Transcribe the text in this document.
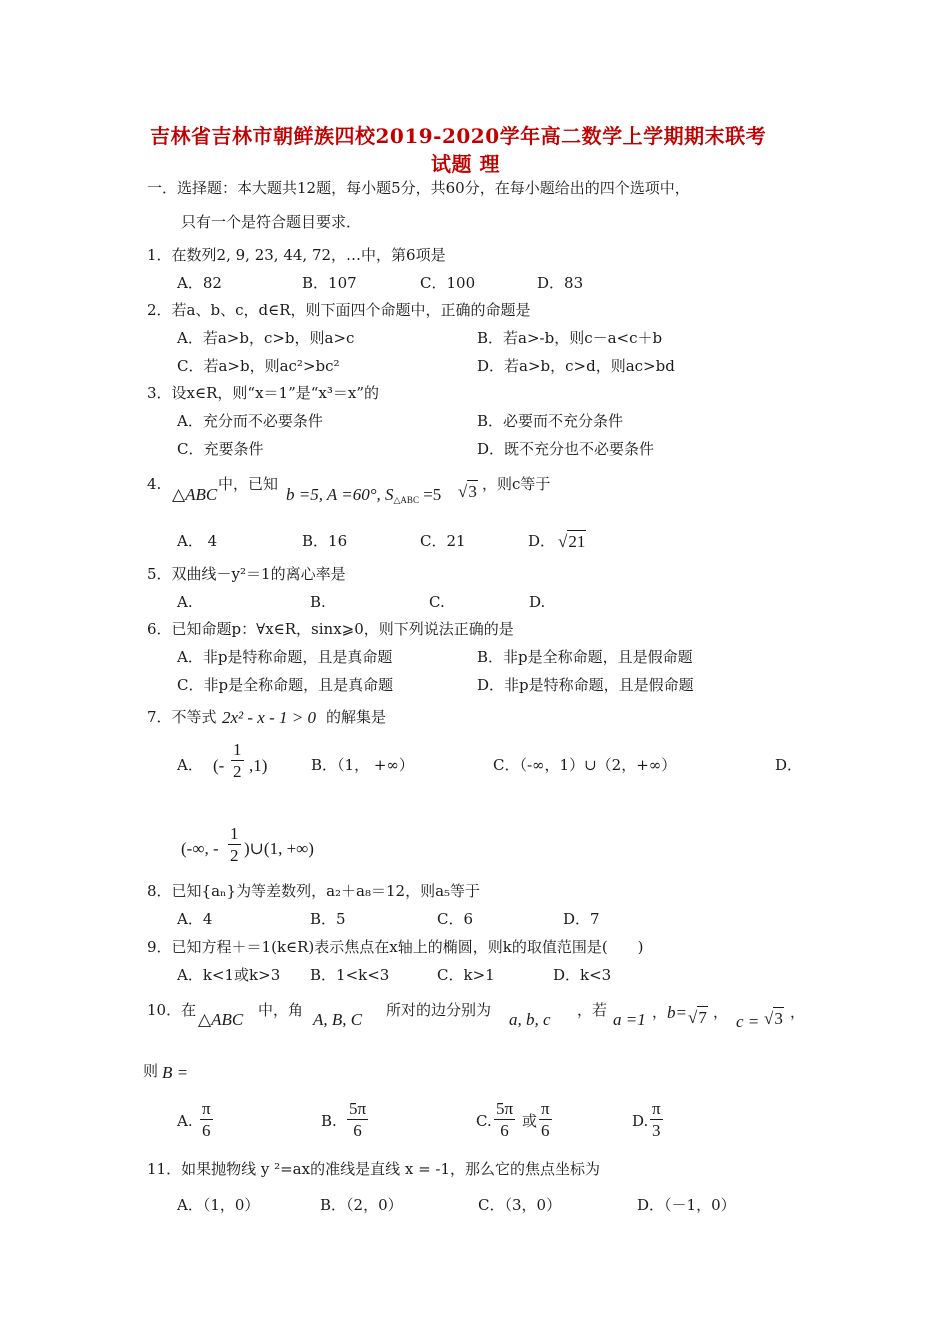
吉林省吉林市朝鲜族四校2019-2020学年高二数学上学期期末联考
试题 理
一．选择题：本大题共12题，每小题5分，共60分，在每小题给出的四个选项中，
只有一个是符合题目要求．
1．在数列2, 9, 23, 44, 72，…中，第6项是
A．82	B．107	C．100	D．83
2．若a、b、c，d∈R，则下面四个命题中，正确的命题是
A．若a>b，c>b，则a>c	B．若a>-b，则c－a<c＋b
C．若a>b，则ac²>bc²	D．若a>b，c>d，则ac>bd
3．设x∈R，则“x＝1”是“x³＝x”的
A．充分而不必要条件	B．必要而不充分条件
C．充要条件	D．既不充分也不必要条件
4.
△ABC
中，已知
b =5, A =60°, $S_{\triangle ABC} =5$ √3 ，则c等于
A． 4	B．16	C．21	D． √21
5．双曲线－y²＝1的离心率是
A.	B.	C.	D.
6．已知命题p：∀x∈R，sinx⩾0，则下列说法正确的是
A．非p是特称命题，且是真命题	B．非p是全称命题，且是假命题
C．非p是全称命题，且是真命题	D．非p是特称命题，且是假命题
7．不等式 2x² - x - 1 > 0 的解集是
A． (-
1
2 ,1)	B．（1， +∞）	C．（-∞，1）∪（2，+∞）	D．
(-∞, -
1
2 )∪(1, +∞)
8．已知{aₙ}为等差数列，a₂＋a₈＝12，则a₅等于
A．4	B．5	C．6	D．7
9．已知方程＋＝1(k∈R)表示焦点在x轴上的椭圆，则k的取值范围是(　　)
A．k<1或k>3 B．1<k<3	C．k>1	D．k<3
10．在 △ABC 中，角 A, B, C 所对的边分别为 a, b, c ，若 a =1 ， b= √7 ， c = √3 ，
则 B =
A.
π
6	B.
5π
6	C.
5π
6 或
π
6	D.
π
3
11．如果抛物线 y ²=ax的准线是直线 x = -1，那么它的焦点坐标为
A．（1，0）	B．（2，0）	C．（3，0）	D．（－1，0）
